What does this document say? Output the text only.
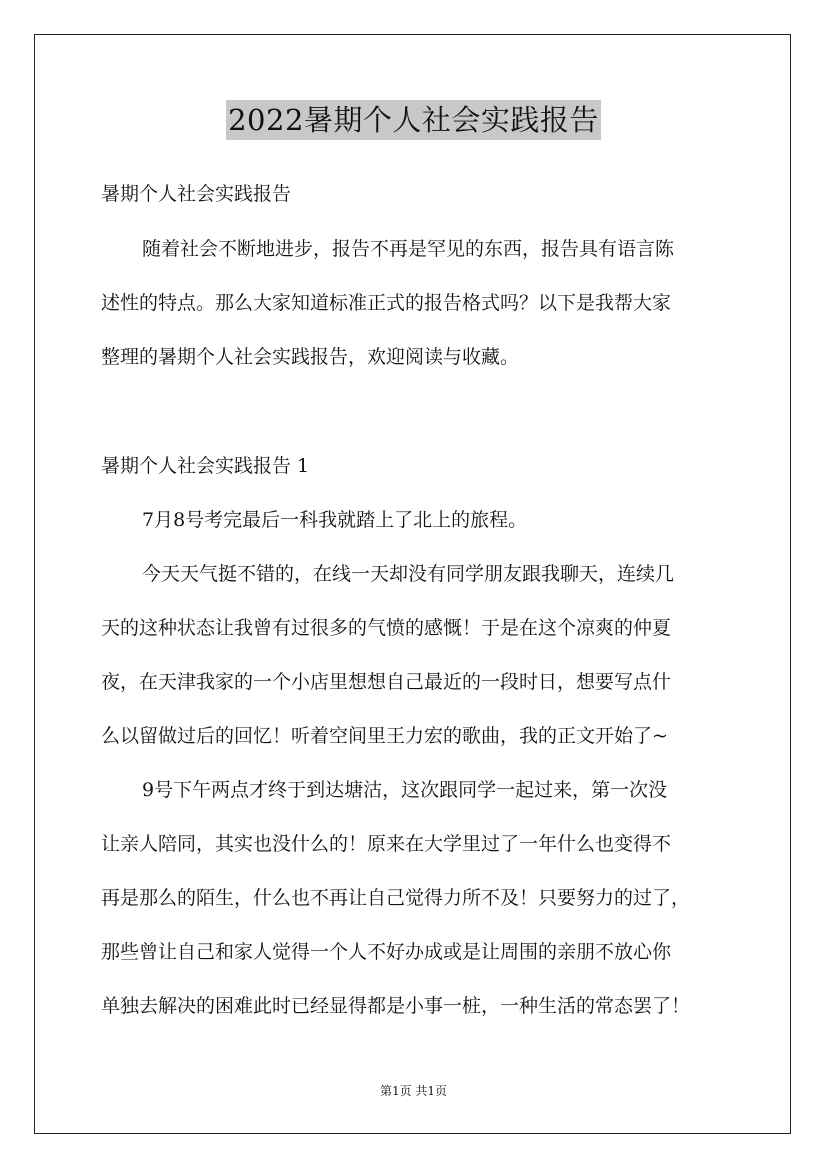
2022暑期个人社会实践报告
暑期个人社会实践报告
随着社会不断地进步，报告不再是罕见的东西，报告具有语言陈
述性的特点。那么大家知道标准正式的报告格式吗？以下是我帮大家
整理的暑期个人社会实践报告，欢迎阅读与收藏。
暑期个人社会实践报告 1
7月8号考完最后一科我就踏上了北上的旅程。
今天天气挺不错的，在线一天却没有同学朋友跟我聊天，连续几
天的这种状态让我曾有过很多的气愤的感慨！于是在这个凉爽的仲夏
夜，在天津我家的一个小店里想想自己最近的一段时日，想要写点什
么以留做过后的回忆！听着空间里王力宏的歌曲，我的正文开始了~
9号下午两点才终于到达塘沽，这次跟同学一起过来，第一次没
让亲人陪同，其实也没什么的！原来在大学里过了一年什么也变得不
再是那么的陌生，什么也不再让自己觉得力所不及！只要努力的过了，
那些曾让自己和家人觉得一个人不好办成或是让周围的亲朋不放心你
单独去解决的困难此时已经显得都是小事一桩，一种生活的常态罢了！
第1页 共1页
